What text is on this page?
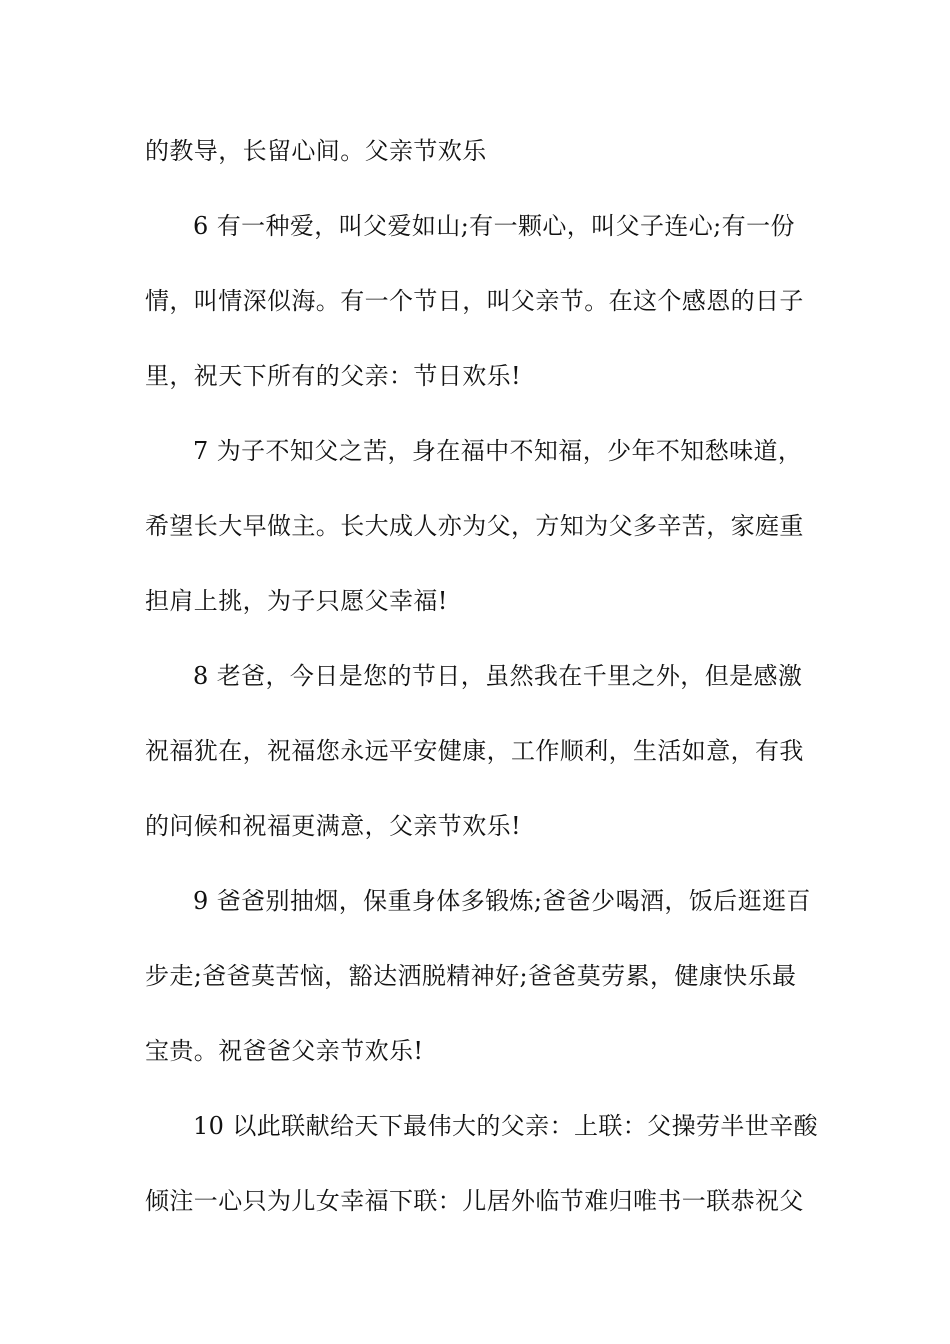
的教导，长留心间。父亲节欢乐
6 有一种爱，叫父爱如山;有一颗心，叫父子连心;有一份
情，叫情深似海。有一个节日，叫父亲节。在这个感恩的日子
里，祝天下所有的父亲：节日欢乐!
7 为子不知父之苦，身在福中不知福，少年不知愁味道，
希望长大早做主。长大成人亦为父，方知为父多辛苦，家庭重
担肩上挑，为子只愿父幸福!
8 老爸，今日是您的节日，虽然我在千里之外，但是感激
祝福犹在，祝福您永远平安健康，工作顺利，生活如意，有我
的问候和祝福更满意，父亲节欢乐!
9 爸爸别抽烟，保重身体多锻炼;爸爸少喝酒，饭后逛逛百
步走;爸爸莫苦恼，豁达洒脱精神好;爸爸莫劳累，健康快乐最
宝贵。祝爸爸父亲节欢乐!
10 以此联献给天下最伟大的父亲：上联：父操劳半世辛酸
倾注一心只为儿女幸福下联：儿居外临节难归唯书一联恭祝父
